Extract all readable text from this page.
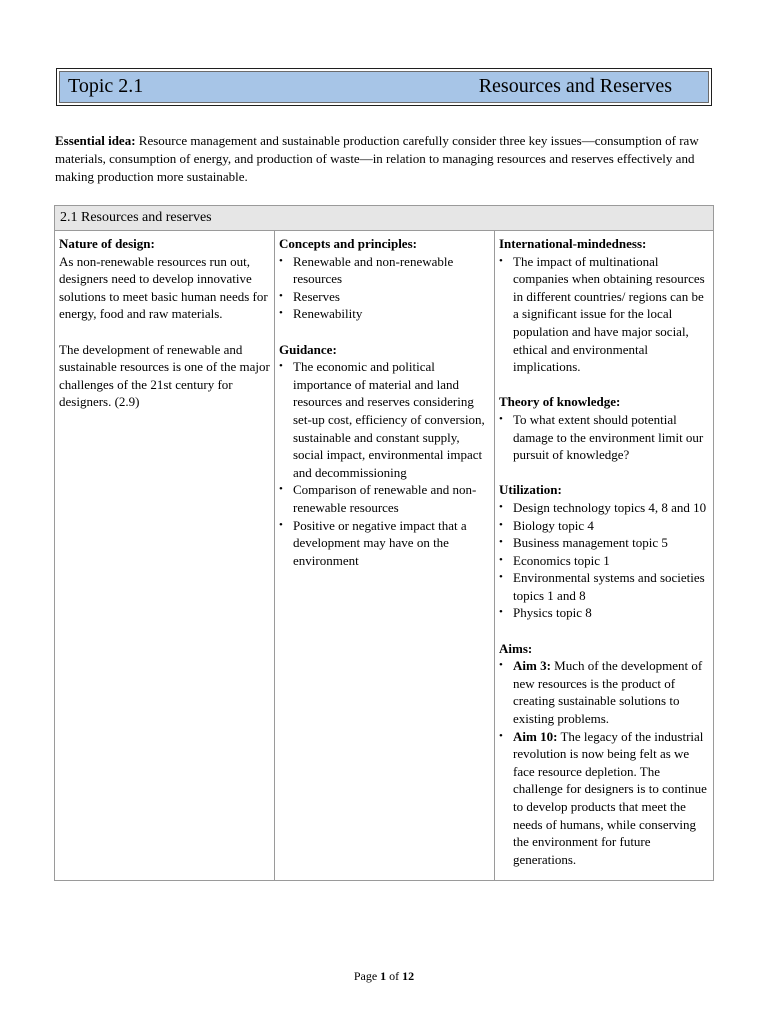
Topic 2.1	Resources and Reserves
Essential idea: Resource management and sustainable production carefully consider three key issues—consumption of raw materials, consumption of energy, and production of waste—in relation to managing resources and reserves effectively and making production more sustainable.
2.1 Resources and reserves
Nature of design:

As non-renewable resources run out, designers need to develop innovative solutions to meet basic human needs for energy, food and raw materials.

The development of renewable and sustainable resources is one of the major challenges of the 21st century for designers. (2.9)

Concepts and principles:
• Renewable and non-renewable resources
• Reserves
• Renewability
Guidance:
• The economic and political importance of material and land resources and reserves considering set-up cost, efficiency of conversion, sustainable and constant supply, social impact, environmental impact and decommissioning
• Comparison of renewable and non-renewable resources
• Positive or negative impact that a development may have on the environment
International-mindedness:
• The impact of multinational companies when obtaining resources in different countries/ regions can be a significant issue for the local population and have major social, ethical and environmental implications.
Theory of knowledge:
• To what extent should potential damage to the environment limit our pursuit of knowledge?
Utilization:
• Design technology topics 4, 8 and 10
• Biology topic 4
• Business management topic 5
• Economics topic 1
• Environmental systems and societies topics 1 and 8
• Physics topic 8
Aims:
• Aim 3: Much of the development of new resources is the product of creating sustainable solutions to existing problems.
• Aim 10: The legacy of the industrial revolution is now being felt as we face resource depletion. The challenge for designers is to continue to develop products that meet the needs of humans, while conserving the environment for future generations.
Page 1 of 12
